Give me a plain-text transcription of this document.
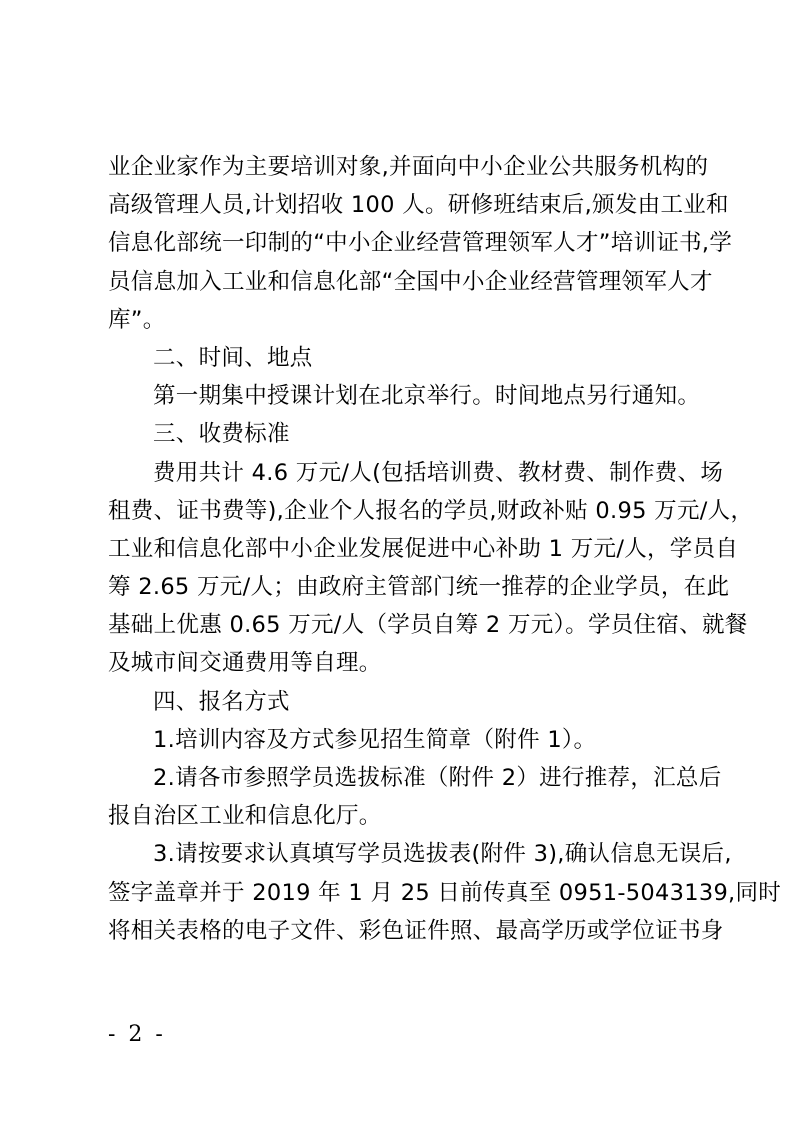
业企业家作为主要培训对象,并面向中小企业公共服务机构的
高级管理人员,计划招收 100 人。研修班结束后,颁发由工业和
信息化部统一印制的“中小企业经营管理领军人才”培训证书,学
员信息加入工业和信息化部“全国中小企业经营管理领军人才
库”。
二、时间、地点
第一期集中授课计划在北京举行。时间地点另行通知。
三、收费标准
费用共计 4.6 万元/人(包括培训费、教材费、制作费、场
租费、证书费等),企业个人报名的学员,财政补贴 0.95 万元/人，
工业和信息化部中小企业发展促进中心补助 1 万元/人，学员自
筹 2.65 万元/人；由政府主管部门统一推荐的企业学员，在此
基础上优惠 0.65 万元/人（学员自筹 2 万元）。学员住宿、就餐
及城市间交通费用等自理。
四、报名方式
1.培训内容及方式参见招生简章（附件 1）。
2.请各市参照学员选拔标准（附件 2）进行推荐，汇总后
报自治区工业和信息化厅。
3.请按要求认真填写学员选拔表(附件 3),确认信息无误后,
签字盖章并于 2019 年 1 月 25 日前传真至 0951-5043139,同时
将相关表格的电子文件、彩色证件照、最高学历或学位证书身
- 2 -
